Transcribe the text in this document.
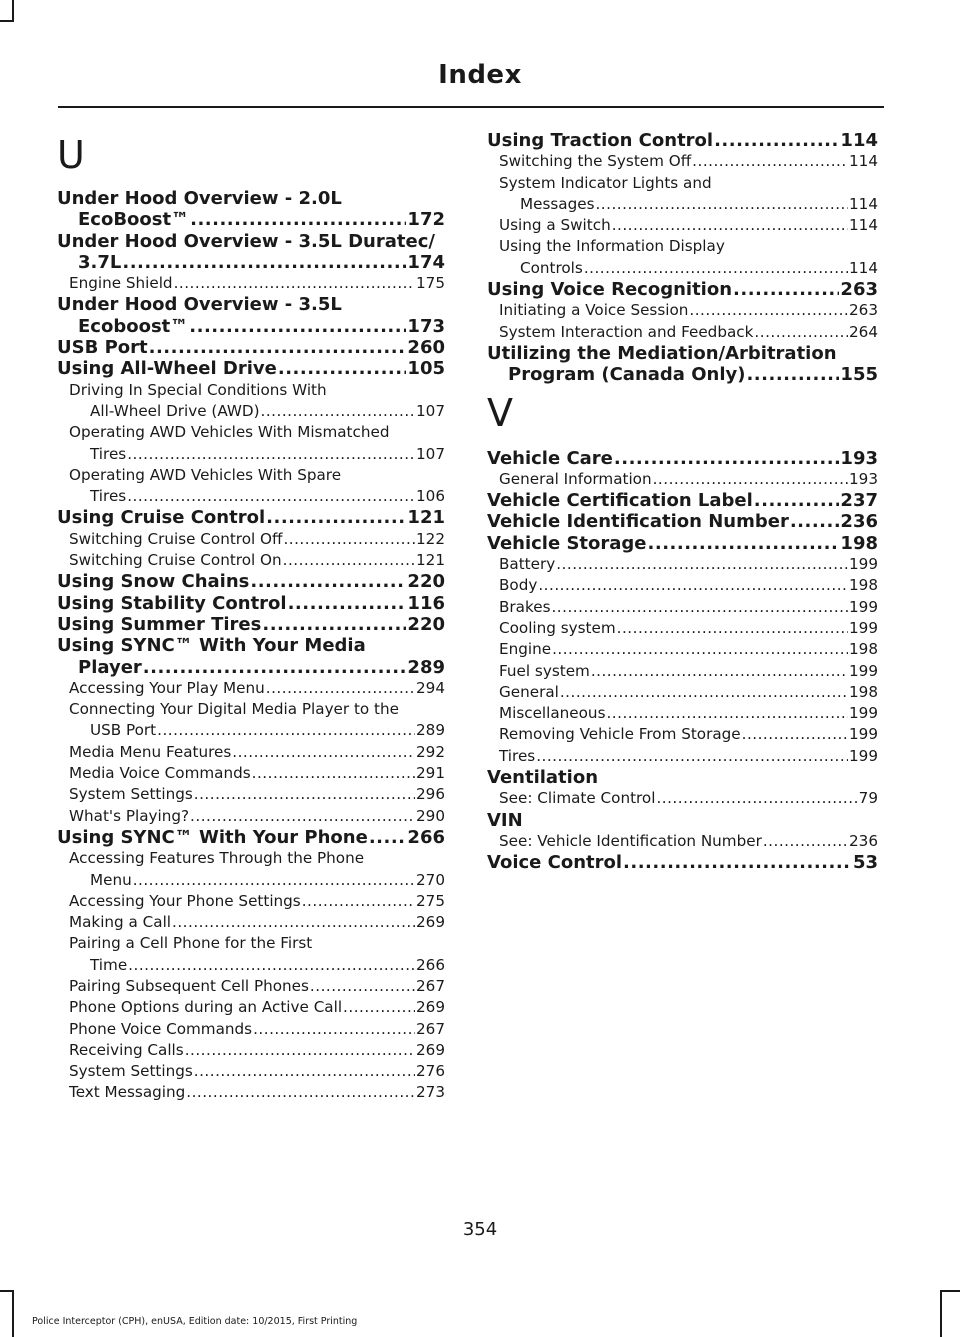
Index
U
Under Hood Overview - 2.0L
EcoBoost™ .....	172
Under Hood Overview - 3.5L Duratec/
3.7L .....	174
Engine Shield .....	175
Under Hood Overview - 3.5L
Ecoboost™ .....	173
USB Port .....	260
Using All-Wheel Drive .....	105
Driving In Special Conditions With
All-Wheel Drive (AWD) .....	107
Operating AWD Vehicles With Mismatched
Tires .....	107
Operating AWD Vehicles With Spare
Tires .....	106
Using Cruise Control .....	121
Switching Cruise Control Off .....	122
Switching Cruise Control On .....	121
Using Snow Chains .....	220
Using Stability Control .....	116
Using Summer Tires .....	220
Using SYNC™ With Your Media
Player .....	289
Accessing Your Play Menu .....	294
Connecting Your Digital Media Player to the
USB Port .....	289
Media Menu Features .....	292
Media Voice Commands .....	291
System Settings .....	296
What's Playing? .....	290
Using SYNC™ With Your Phone ..... 266
Accessing Features Through the Phone
Menu .....	270
Accessing Your Phone Settings .....	275
Making a Call .....	269
Pairing a Cell Phone for the First
Time .....	266
Pairing Subsequent Cell Phones .....	267
Phone Options during an Active Call .....	269
Phone Voice Commands .....	267
Receiving Calls .....	269
System Settings .....	276
Text Messaging .....	273
Using Traction Control .....	114
Switching the System Off .....	114
System Indicator Lights and
Messages .....	114
Using a Switch .....	114
Using the Information Display
Controls .....	114
Using Voice Recognition .....	263
Initiating a Voice Session .....	263
System Interaction and Feedback .....	264
Utilizing the Mediation/Arbitration
Program (Canada Only) .....	155
V
Vehicle Care .....	193
General Information .....	193
Vehicle Certification Label .....	237
Vehicle Identification Number .....	236
Vehicle Storage .....	198
Battery .....	199
Body .....	198
Brakes .....	199
Cooling system .....	199
Engine .....	198
Fuel system .....	199
General .....	198
Miscellaneous .....	199
Removing Vehicle From Storage .....	199
Tires .....	199
Ventilation
See: Climate Control .....	79
VIN
See: Vehicle Identification Number .....	236
Voice Control .....	53
354
Police Interceptor (CPH), enUSA, Edition date: 10/2015, First Printing
